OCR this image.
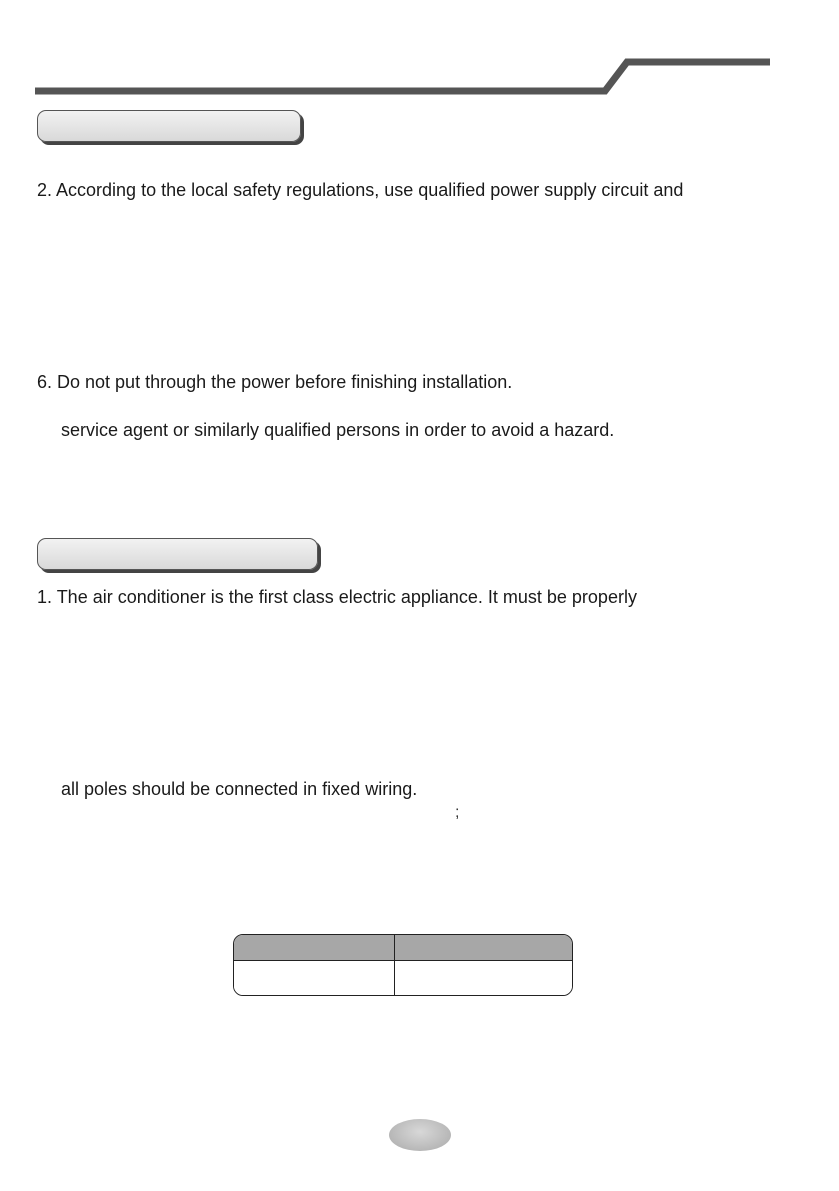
2. According to the local safety regulations, use qualified power supply circuit and
6. Do not put through the power before finishing installation.
service agent or similarly qualified persons in order to avoid a hazard.
1. The air conditioner is the first class electric appliance. It must be properly
all poles should be connected in fixed wiring.
;
